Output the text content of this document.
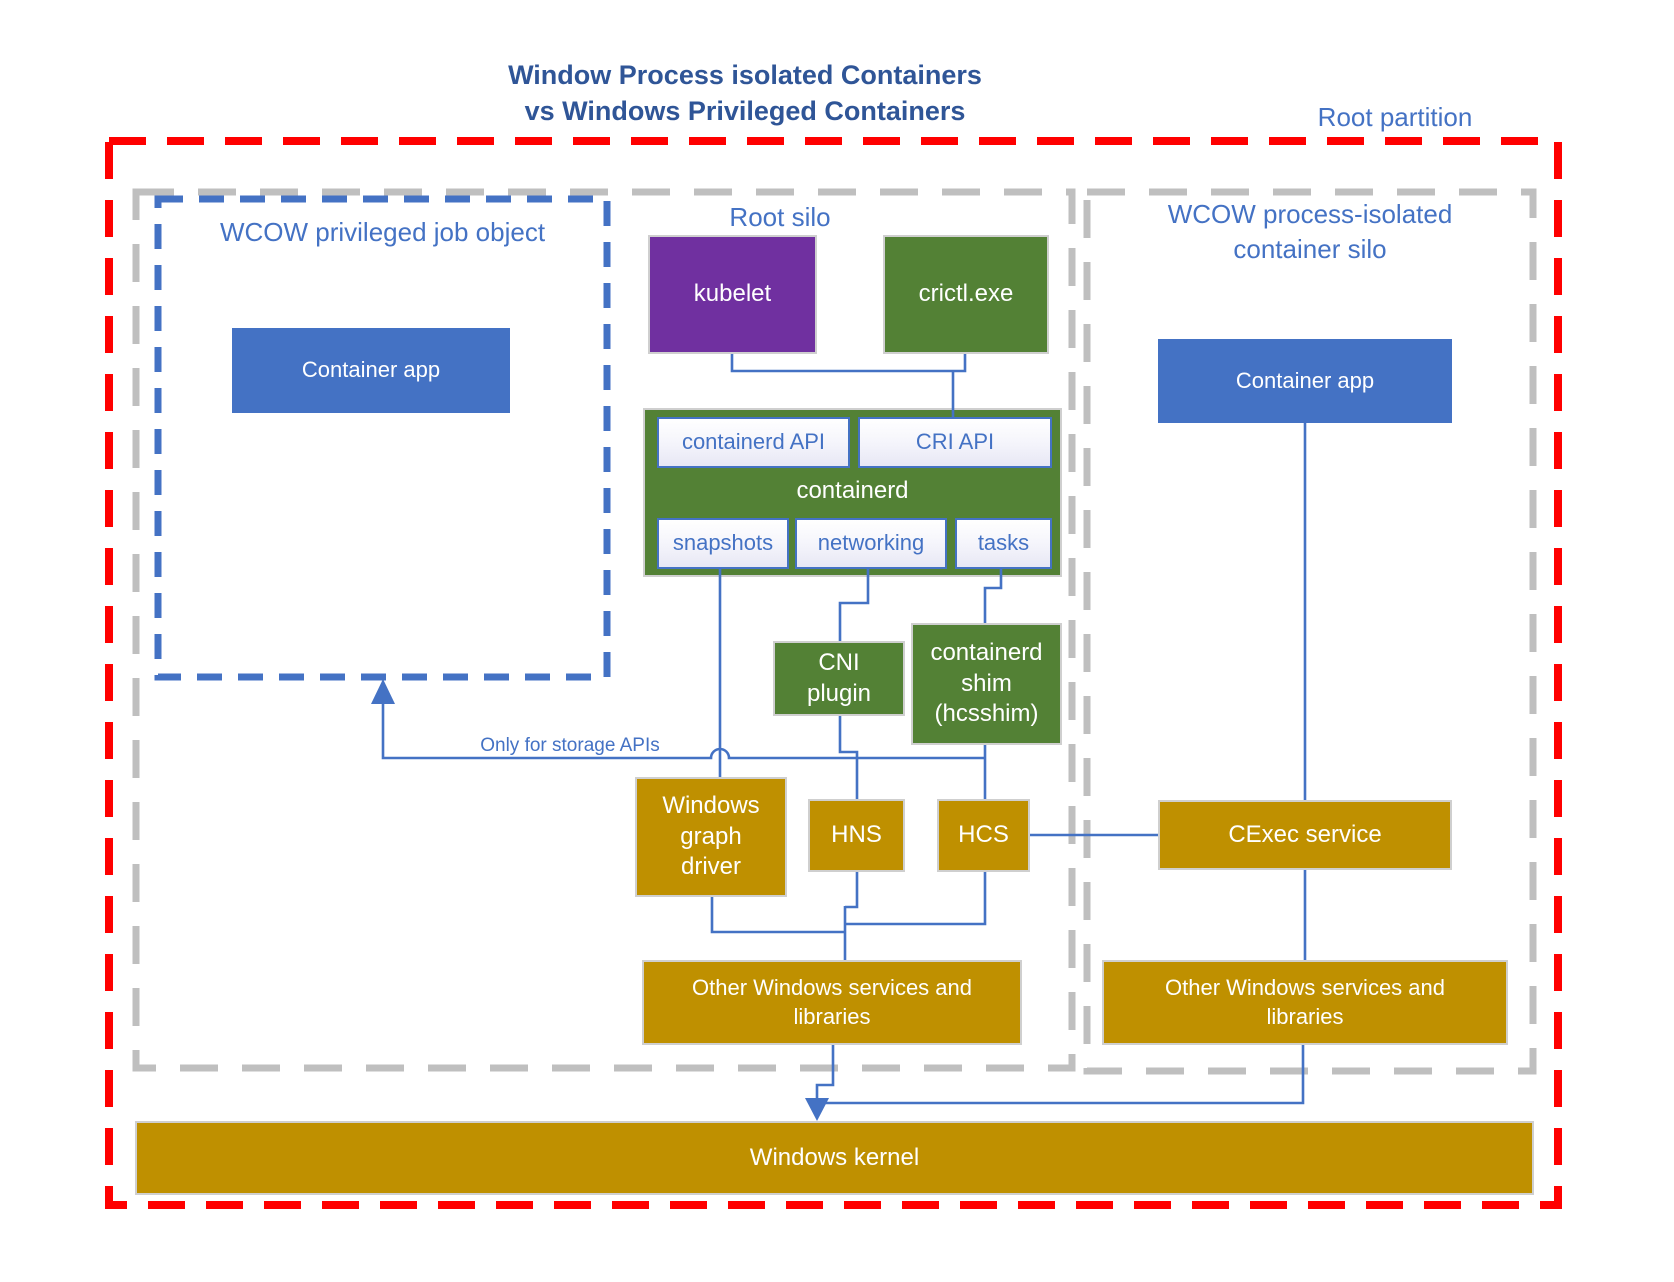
Window Process isolated Containers
vs Windows Privileged Containers	Root partition
Root silo
WCOW privileged job object
WCOW process-isolated container silo
Only for storage APIs
Container app
kubelet	crictl.exe
containerd API	CRI API
containerd
snapshots	networking	tasks
CNI plugin
containerd shim (hcsshim)
Windows graph driver
HNS	HCS
Other Windows services and libraries
Container app
CExec service
Other Windows services and libraries
Windows kernel
